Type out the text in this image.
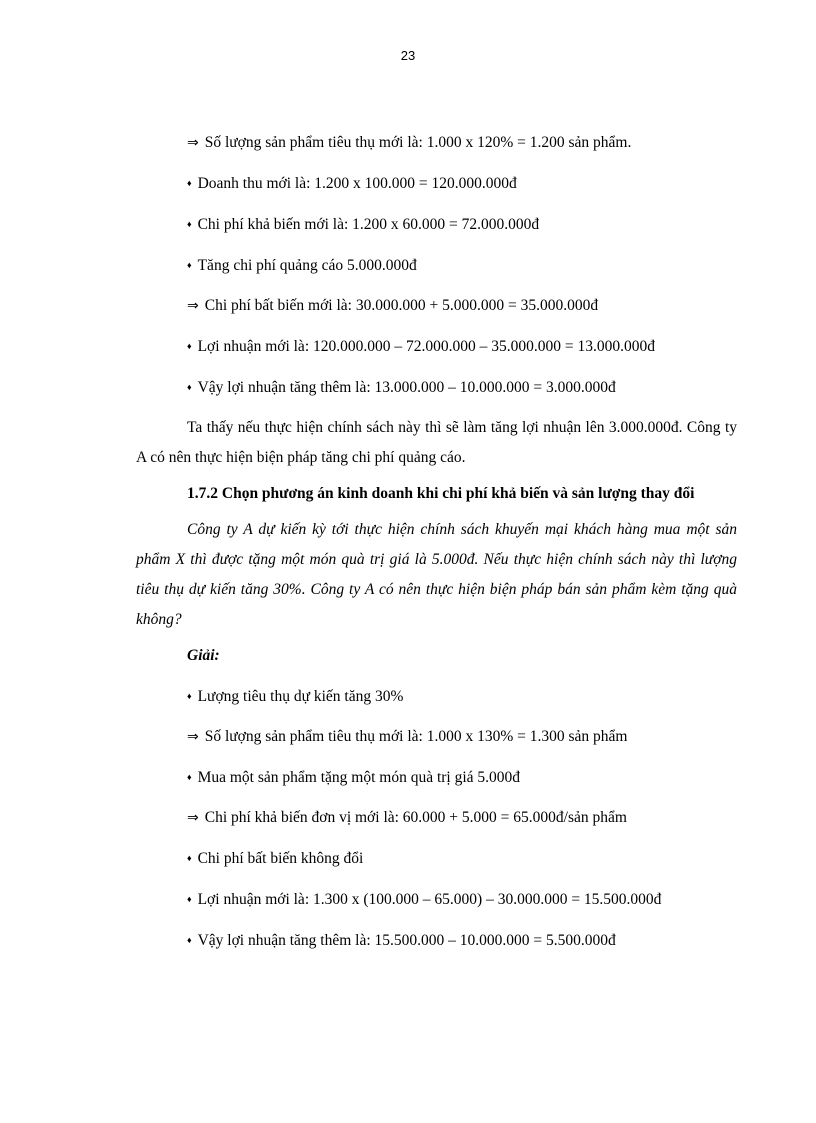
23
⇒ Số lượng sản phẩm tiêu thụ mới là: 1.000 x 120% = 1.200 sản phẩm.
♦ Doanh thu mới là: 1.200 x 100.000 = 120.000.000đ
♦ Chi phí khả biến mới là: 1.200 x 60.000 = 72.000.000đ
♦ Tăng chi phí quảng cáo 5.000.000đ
⇒ Chi phí bất biến mới là: 30.000.000 + 5.000.000 = 35.000.000đ
♦ Lợi nhuận mới là: 120.000.000 – 72.000.000 – 35.000.000 = 13.000.000đ
♦ Vậy lợi nhuận tăng thêm là: 13.000.000 – 10.000.000 = 3.000.000đ

Ta thấy nếu thực hiện chính sách này thì sẽ làm tăng lợi nhuận lên 3.000.000đ. Công ty A có nên thực hiện biện pháp tăng chi phí quảng cáo.

1.7.2 Chọn phương án kinh doanh khi chi phí khả biến và sản lượng thay đổi

Công ty A dự kiến kỳ tới thực hiện chính sách khuyến mại khách hàng mua một sản phẩm X thì được tặng một món quà trị giá là 5.000đ. Nếu thực hiện chính sách này thì lượng tiêu thụ dự kiến tăng 30%. Công ty A có nên thực hiện biện pháp bán sản phẩm kèm tặng quà không?

Giải:

♦ Lượng tiêu thụ dự kiến tăng 30%
⇒ Số lượng sản phẩm tiêu thụ mới là: 1.000 x 130% = 1.300 sản phẩm
♦ Mua một sản phẩm tặng một món quà trị giá 5.000đ
⇒ Chi phí khả biến đơn vị mới là: 60.000 + 5.000 = 65.000đ/sản phẩm
♦ Chi phí bất biến không đổi
♦ Lợi nhuận mới là: 1.300 x (100.000 – 65.000) – 30.000.000 = 15.500.000đ
♦ Vậy lợi nhuận tăng thêm là: 15.500.000 – 10.000.000 = 5.500.000đ
